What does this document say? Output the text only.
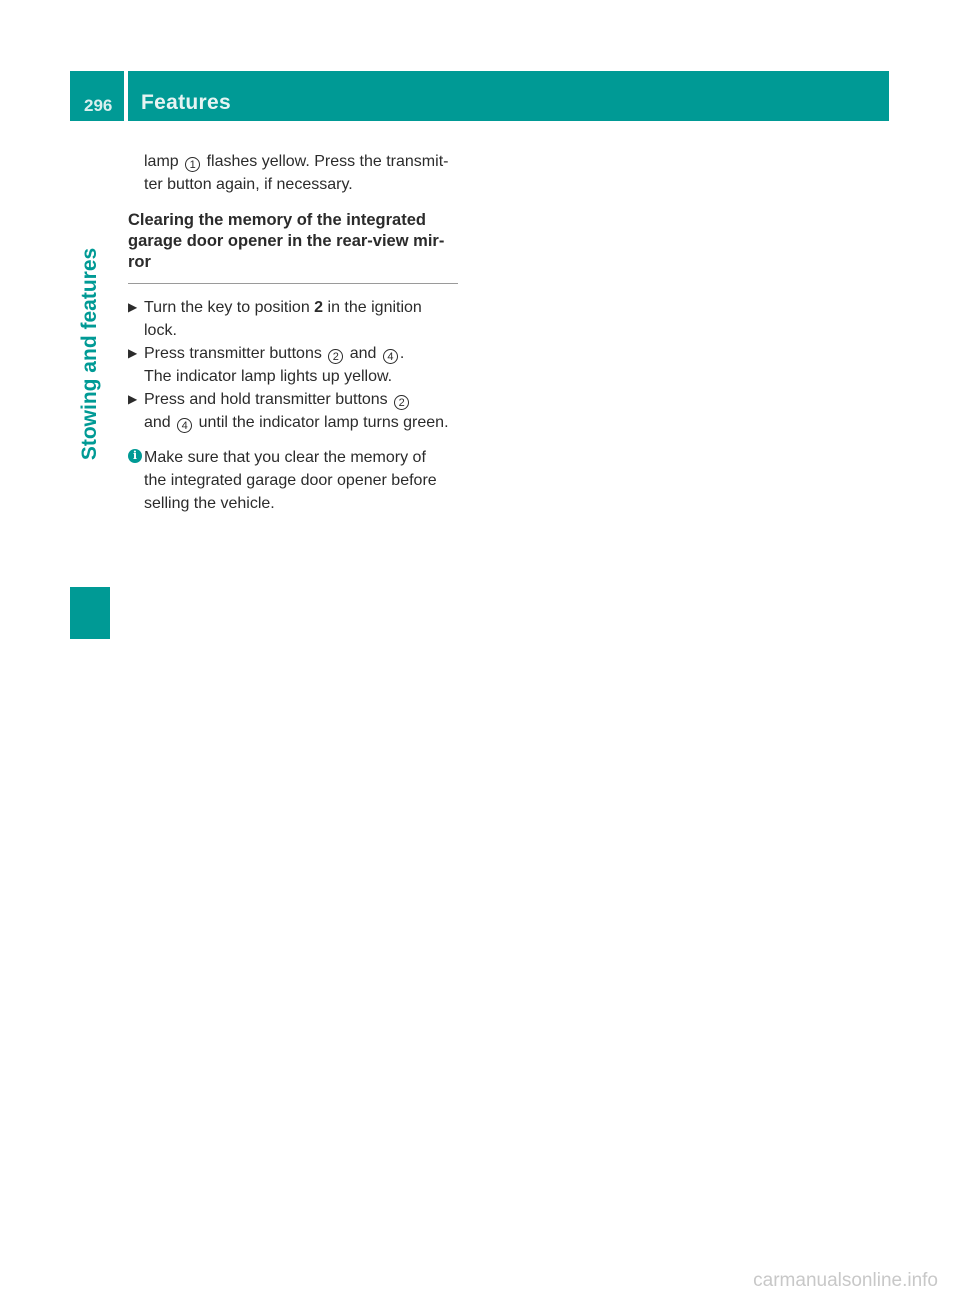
296 Features
Stowing and features

lamp 1 flashes yellow. Press the transmit-

ter button again, if necessary.

Clearing the memory of the integrated
garage door opener in the rear-view mir-
ror
▶ Turn the key to position 2 in the ignition
lock.
▶ Press transmitter buttons 2 and 4 .
The indicator lamp lights up yellow.
▶ Press and hold transmitter buttons 2
and 4 until the indicator lamp turns green.
i Make sure that you clear the memory of
the integrated garage door opener before
selling the vehicle.
carmanualsonline.info
